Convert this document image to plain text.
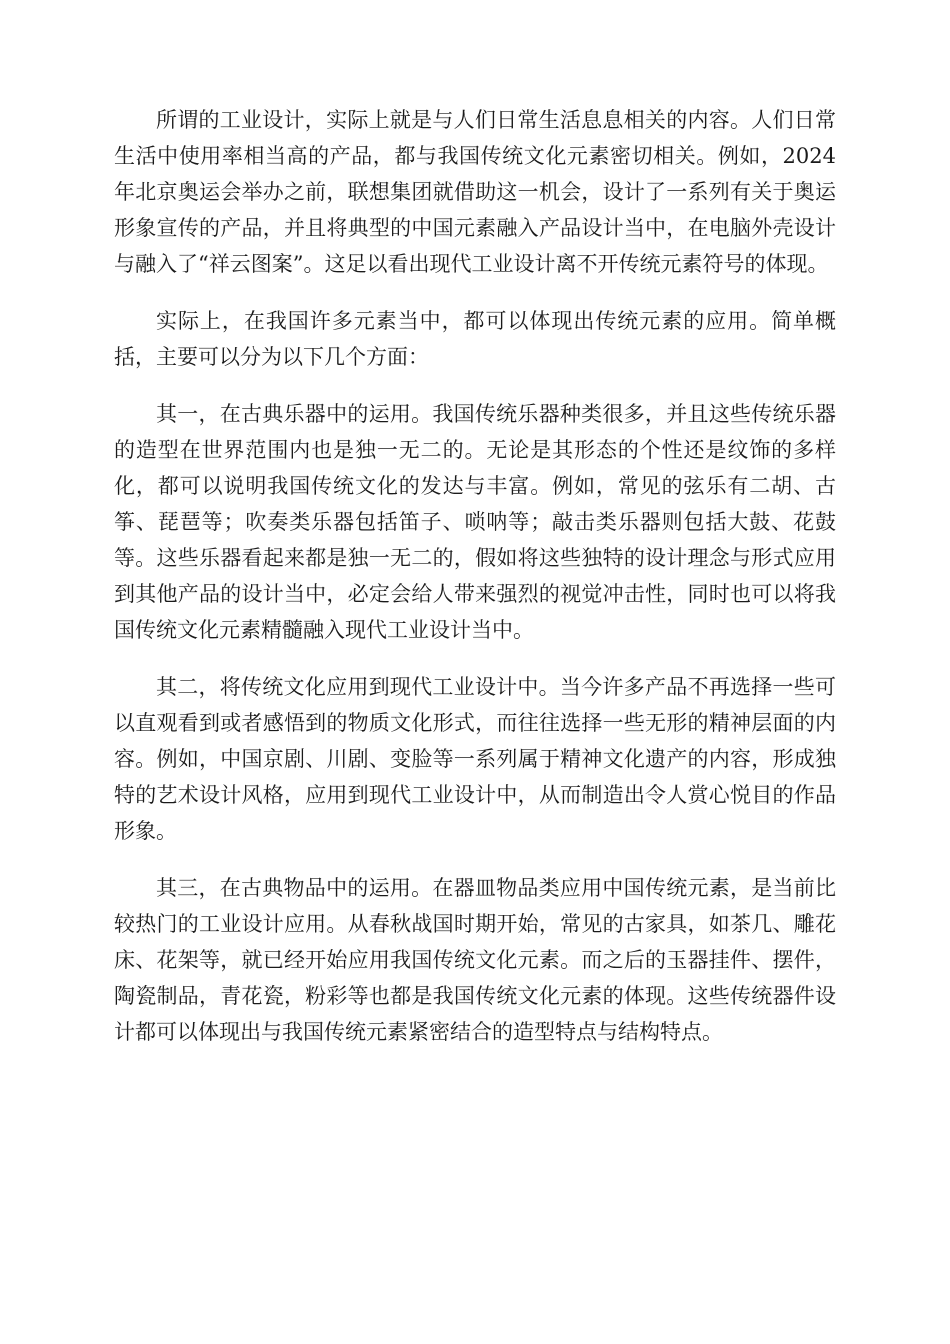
所谓的工业设计，实际上就是与人们日常生活息息相关的内容。人们日常生活中使用率相当高的产品，都与我国传统文化元素密切相关。例如，2024年北京奥运会举办之前，联想集团就借助这一机会，设计了一系列有关于奥运形象宣传的产品，并且将典型的中国元素融入产品设计当中，在电脑外壳设计与融入了“祥云图案”。这足以看出现代工业设计离不开传统元素符号的体现。

实际上，在我国许多元素当中，都可以体现出传统元素的应用。简单概括，主要可以分为以下几个方面：

其一，在古典乐器中的运用。我国传统乐器种类很多，并且这些传统乐器的造型在世界范围内也是独一无二的。无论是其形态的个性还是纹饰的多样化，都可以说明我国传统文化的发达与丰富。例如，常见的弦乐有二胡、古筝、琵琶等；吹奏类乐器包括笛子、唢呐等；敲击类乐器则包括大鼓、花鼓等。这些乐器看起来都是独一无二的，假如将这些独特的设计理念与形式应用到其他产品的设计当中，必定会给人带来强烈的视觉冲击性，同时也可以将我国传统文化元素精髓融入现代工业设计当中。

其二，将传统文化应用到现代工业设计中。当今许多产品不再选择一些可以直观看到或者感悟到的物质文化形式，而往往选择一些无形的精神层面的内容。例如，中国京剧、川剧、变脸等一系列属于精神文化遗产的内容，形成独特的艺术设计风格，应用到现代工业设计中，从而制造出令人赏心悦目的作品形象。

其三，在古典物品中的运用。在器皿物品类应用中国传统元素，是当前比较热门的工业设计应用。从春秋战国时期开始，常见的古家具，如茶几、雕花床、花架等，就已经开始应用我国传统文化元素。而之后的玉器挂件、摆件，陶瓷制品，青花瓷，粉彩等也都是我国传统文化元素的体现。这些传统器件设计都可以体现出与我国传统元素紧密结合的造型特点与结构特点。
